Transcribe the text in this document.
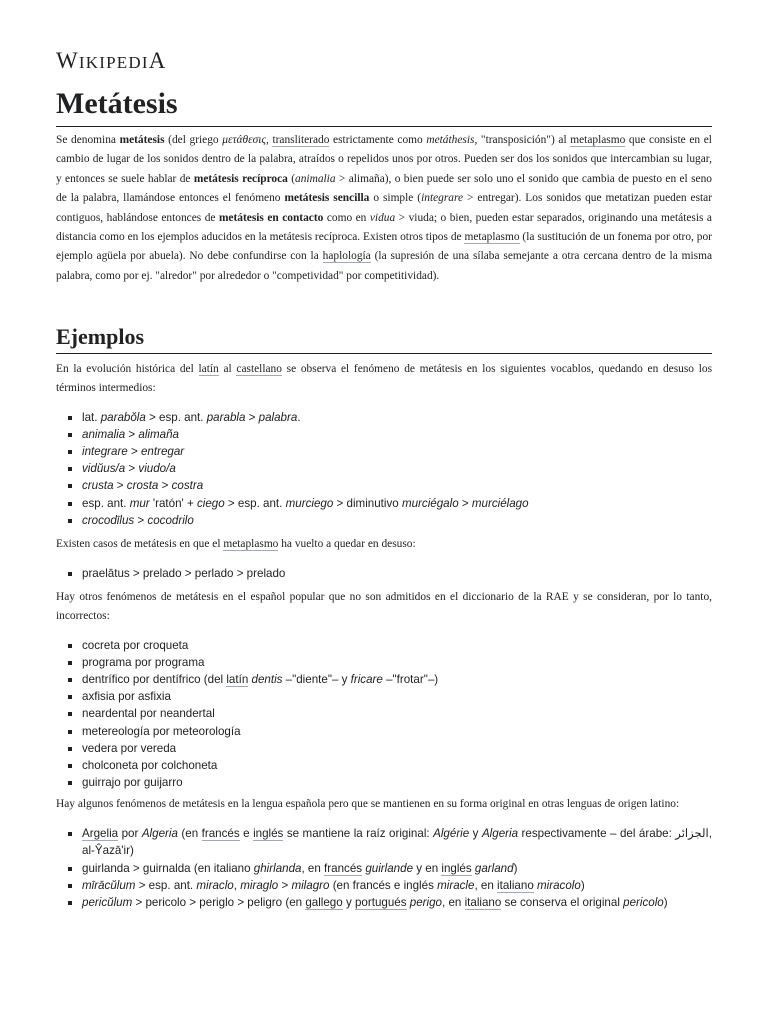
WIKIPEDIA
Metátesis

Se denomina metátesis (del griego μετάθεσις, transliterado estrictamente como metáthesis, "transposición") al metaplasmo que consiste en el cambio de lugar de los sonidos dentro de la palabra, atraídos o repelidos unos por otros. Pueden ser dos los sonidos que intercambian su lugar, y entonces se suele hablar de metátesis recíproca (animalia > alimaña), o bien puede ser solo uno el sonido que cambia de puesto en el seno de la palabra, llamándose entonces el fenómeno metátesis sencilla o simple (integrare > entregar). Los sonidos que metatizan pueden estar contiguos, hablándose entonces de metátesis en contacto como en vidua > viuda; o bien, pueden estar separados, originando una metátesis a distancia como en los ejemplos aducidos en la metátesis recíproca. Existen otros tipos de metaplasmo (la sustitución de un fonema por otro, por ejemplo agüela por abuela). No debe confundirse con la haplología (la supresión de una sílaba semejante a otra cercana dentro de la misma palabra, como por ej. "alredor" por alrededor o "competividad" por competitividad).

Ejemplos

En la evolución histórica del latín al castellano se observa el fenómeno de metátesis en los siguientes vocablos, quedando en desuso los términos intermedios:

lat. parabŏla > esp. ant. parabla > palabra.
animalia > alimaña
integrare > entregar
vidŭus/a > viudo/a
crusta > crosta > costra
esp. ant. mur 'ratón' + ciego > esp. ant. murciego > diminutivo murciégalo > murciélago
crocodīlus > cocodrilo

Existen casos de metátesis en que el metaplasmo ha vuelto a quedar en desuso:

praelātus > prelado > perlado > prelado

Hay otros fenómenos de metátesis en el español popular que no son admitidos en el diccionario de la RAE y se consideran, por lo tanto, incorrectos:

cocreta por croqueta
programa por programa
dentrífico por dentífrico (del latín dentis –"diente"– y fricare –"frotar"–)
axfisia por asfixia
neardental por neandertal
metereología por meteorología
vedera por vereda
cholconeta por colchoneta
guirrajo por guijarro

Hay algunos fenómenos de metátesis en la lengua española pero que se mantienen en su forma original en otras lenguas de origen latino:

Argelia por Algeria (en francés e inglés se mantiene la raíz original: Algérie y Algeria respectivamente – del árabe: الجزائر, al-Ŷazā'ir)
guirlanda > guirnalda (en italiano ghirlanda, en francés guirlande y en inglés garland)
mīrācŭlum > esp. ant. miraclo, miraglo > milagro (en francés e inglés miracle, en italiano miracolo)
pericŭlum > pericolo > periglo > peligro (en gallego y portugués perigo, en italiano se conserva el original pericolo)
